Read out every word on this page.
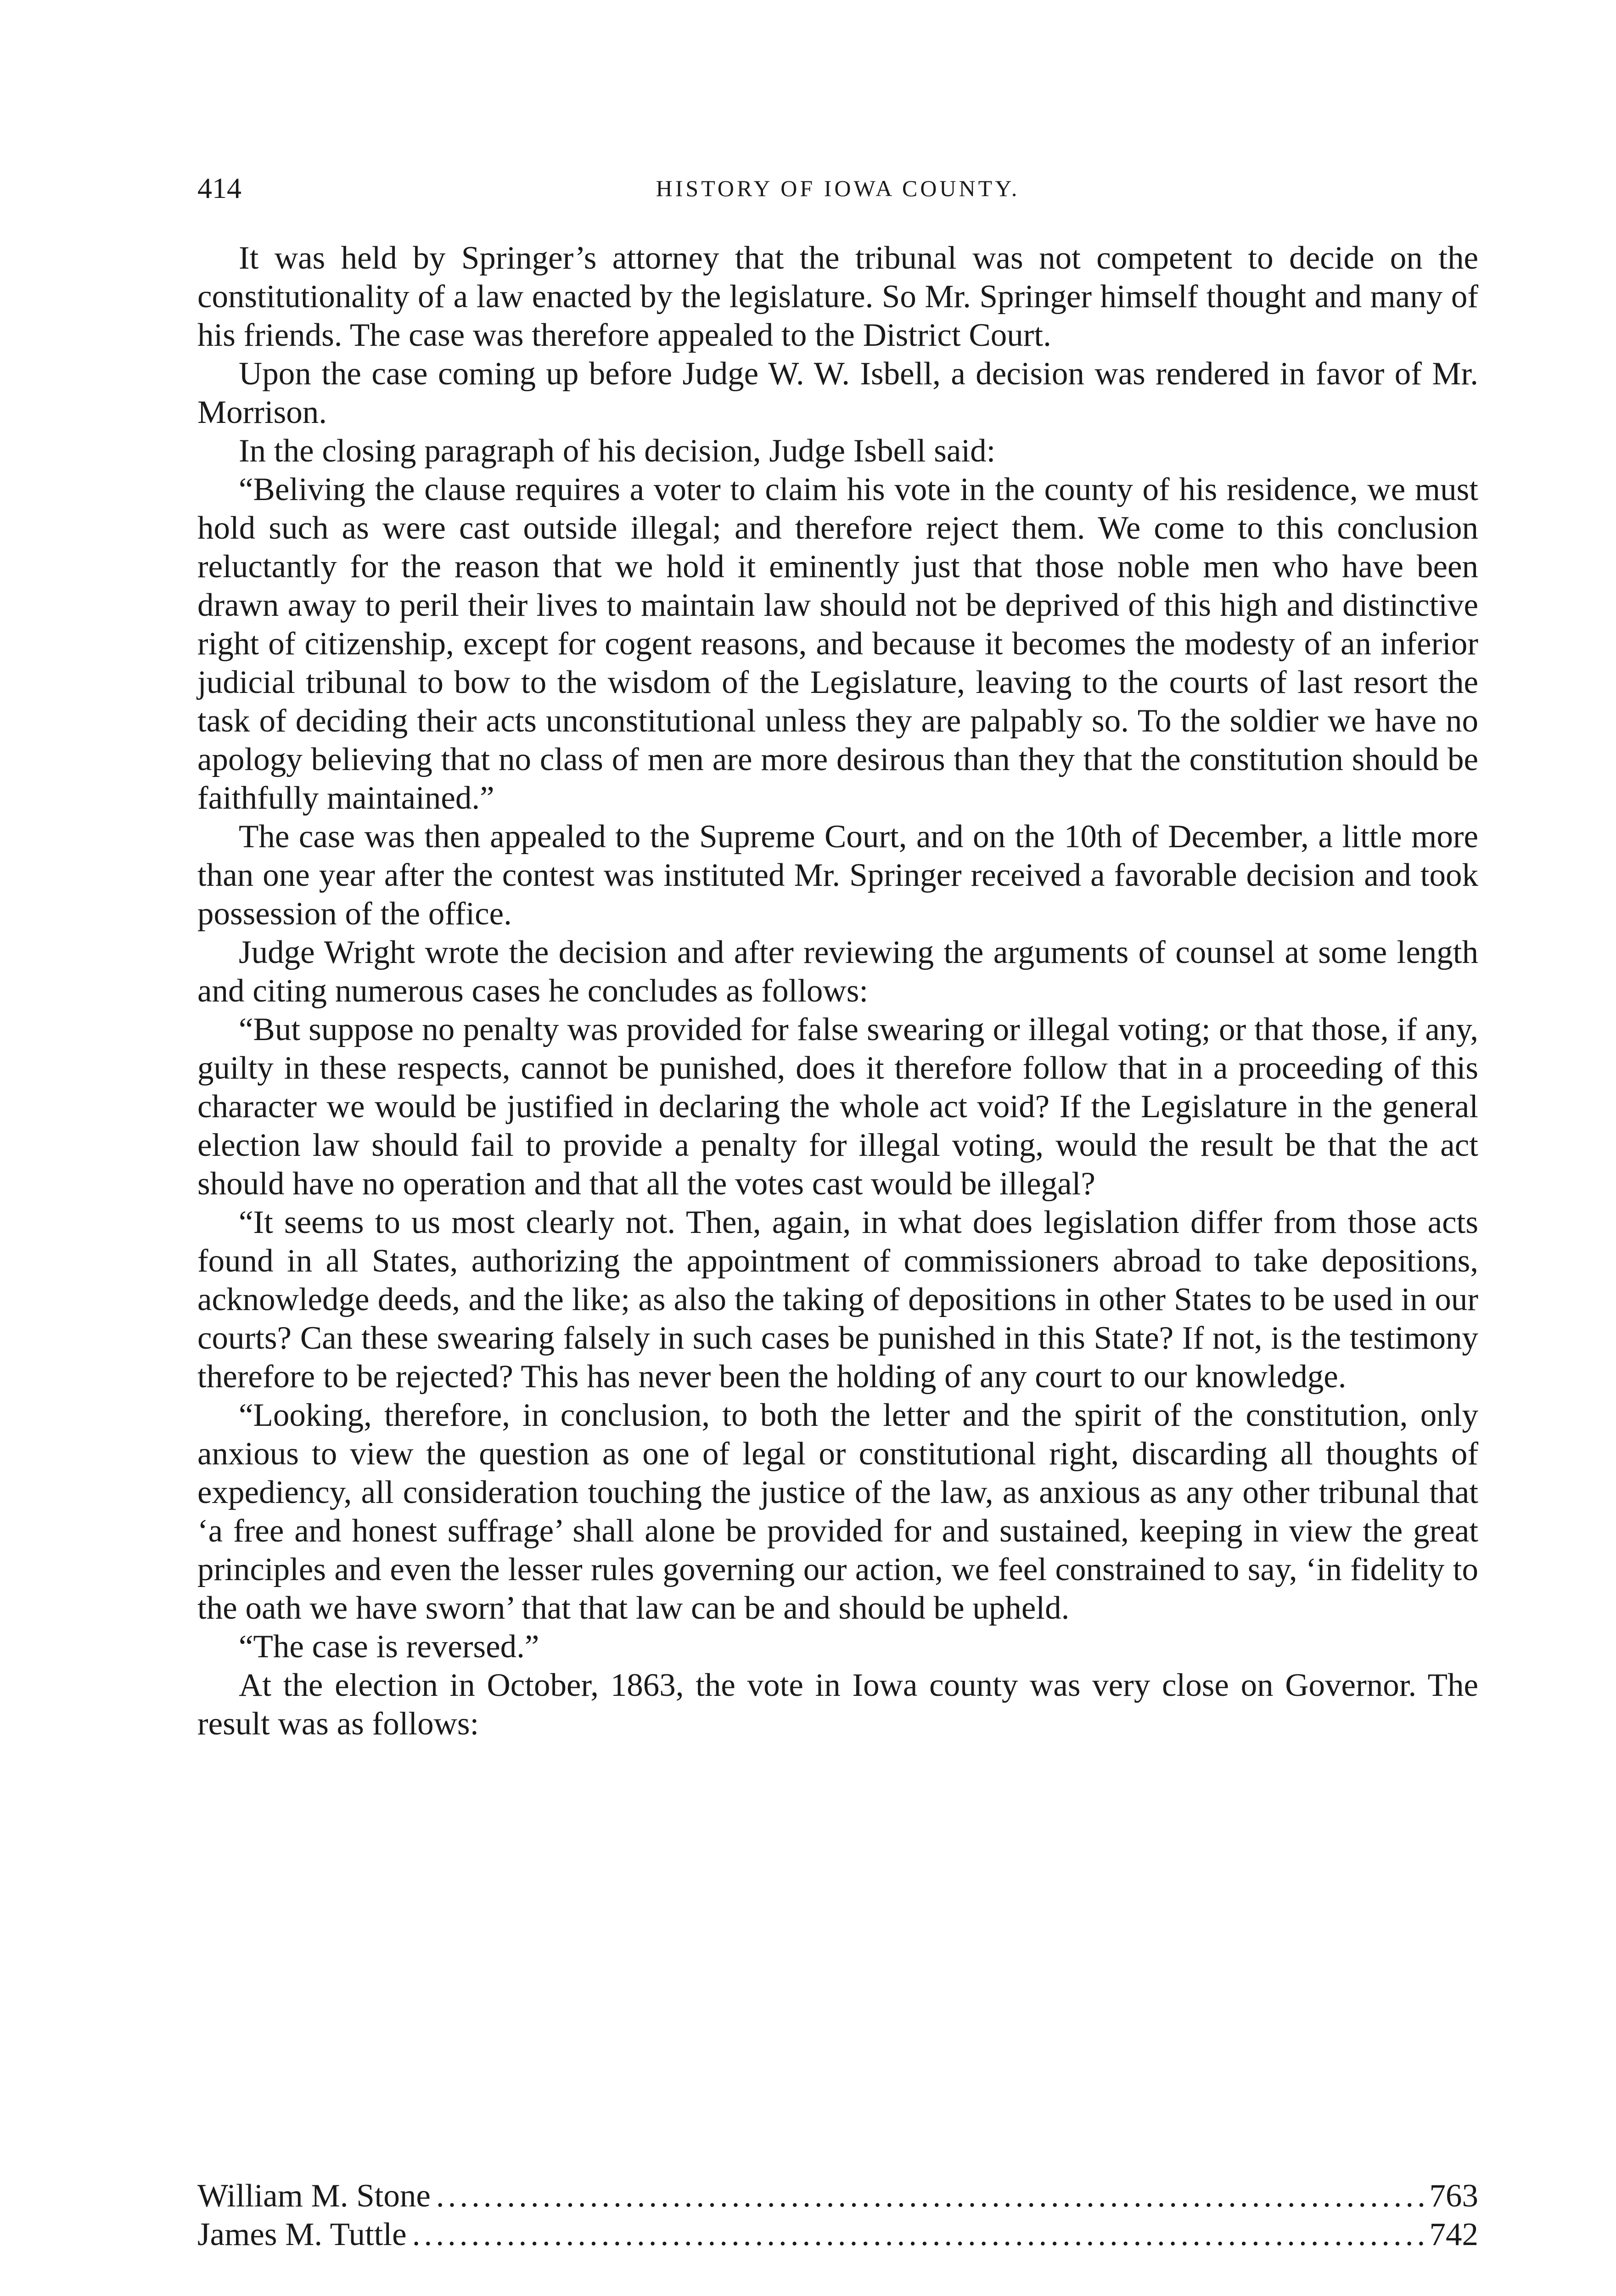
414	HISTORY OF IOWA COUNTY.

It was held by Springer’s attorney that the tribunal was not competent to decide on the constitutionality of a law enacted by the legislature. So Mr. Springer himself thought and many of his friends. The case was therefore appealed to the District Court.

Upon the case coming up before Judge W. W. Isbell, a decision was rendered in favor of Mr. Morrison.

In the closing paragraph of his decision, Judge Isbell said:

“Beliving the clause requires a voter to claim his vote in the county of his residence, we must hold such as were cast outside illegal; and therefore reject them. We come to this conclusion reluctantly for the reason that we hold it eminently just that those noble men who have been drawn away to peril their lives to maintain law should not be deprived of this high and distinctive right of citizenship, except for cogent reasons, and because it becomes the modesty of an inferior judicial tribunal to bow to the wisdom of the Legislature, leaving to the courts of last resort the task of deciding their acts unconstitutional unless they are palpably so. To the soldier we have no apology believing that no class of men are more desirous than they that the constitution should be faithfully maintained.”

The case was then appealed to the Supreme Court, and on the 10th of December, a little more than one year after the contest was instituted Mr. Springer received a favorable decision and took possession of the office.

Judge Wright wrote the decision and after reviewing the arguments of counsel at some length and citing numerous cases he concludes as follows:

“But suppose no penalty was provided for false swearing or illegal voting; or that those, if any, guilty in these respects, cannot be punished, does it therefore follow that in a proceeding of this character we would be justified in declaring the whole act void? If the Legislature in the general election law should fail to provide a penalty for illegal voting, would the result be that the act should have no operation and that all the votes cast would be illegal?

“It seems to us most clearly not. Then, again, in what does legislation differ from those acts found in all States, authorizing the appointment of commissioners abroad to take depositions, acknowledge deeds, and the like; as also the taking of depositions in other States to be used in our courts? Can these swearing falsely in such cases be punished in this State? If not, is the testimony therefore to be rejected? This has never been the holding of any court to our knowledge.

“Looking, therefore, in conclusion, to both the letter and the spirit of the constitution, only anxious to view the question as one of legal or constitutional right, discarding all thoughts of expediency, all consideration touching the justice of the law, as anxious as any other tribunal that ‘a free and honest suffrage’ shall alone be provided for and sustained, keeping in view the great principles and even the lesser rules governing our action, we feel constrained to say, ‘in fidelity to the oath we have sworn’ that that law can be and should be upheld.

“The case is reversed.”

At the election in October, 1863, the vote in Iowa county was very close on Governor. The result was as follows:

William M. Stone .....	763
James M. Tuttle .....	742
